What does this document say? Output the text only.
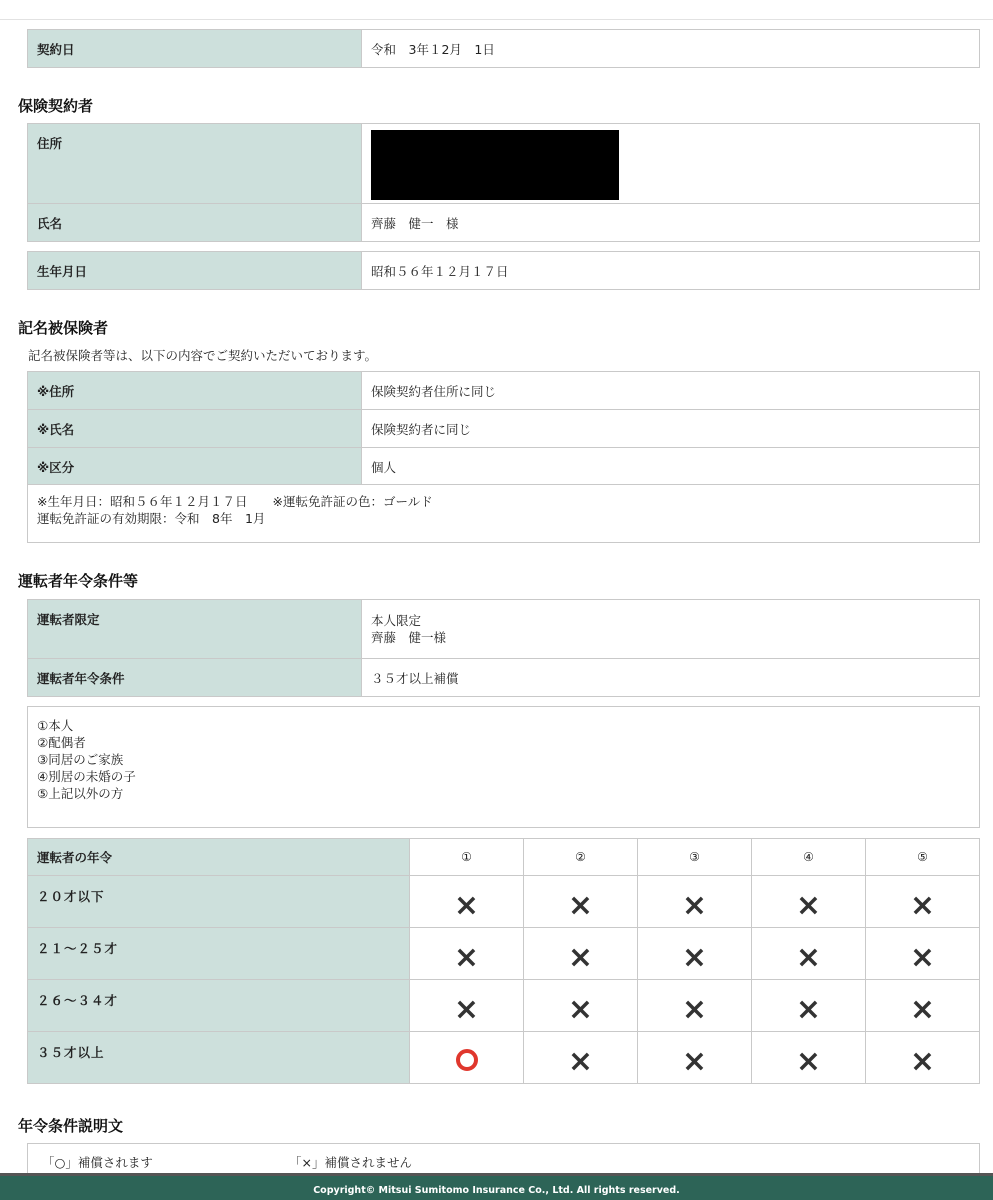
契約日	令和　3年１2月　1日
保険契約者
住所	

氏名	齊藤　健一　様
生年月日	昭和５６年１２月１７日
記名被保険者
記名被保険者等は、以下の内容でご契約いただいております。
※住所	保険契約者住所に同じ
※氏名	保険契約者に同じ
※区分	個人
※生年月日：昭和５６年１２月１７日　　※運転免許証の色：ゴールド
運転免許証の有効期限：令和　8年　1月
運転者年令条件等
運転者限定	本人限定
齊藤　健一様

運転者年令条件	３５才以上補償
①本人
②配偶者
③同居のご家族
④別居の未婚の子
⑤上記以外の方
運転者の年令	①	②	③	④	⑤
２０才以下	×	×	×	×	×
２１～２５才	×	×	×	×	×
２６～３４才	×	×	×	×	×
３５才以上		×	×	×	×
年令条件説明文
「○」補償されます	「×」補償されません
Copyright© Mitsui Sumitomo Insurance Co., Ltd. All rights reserved.
